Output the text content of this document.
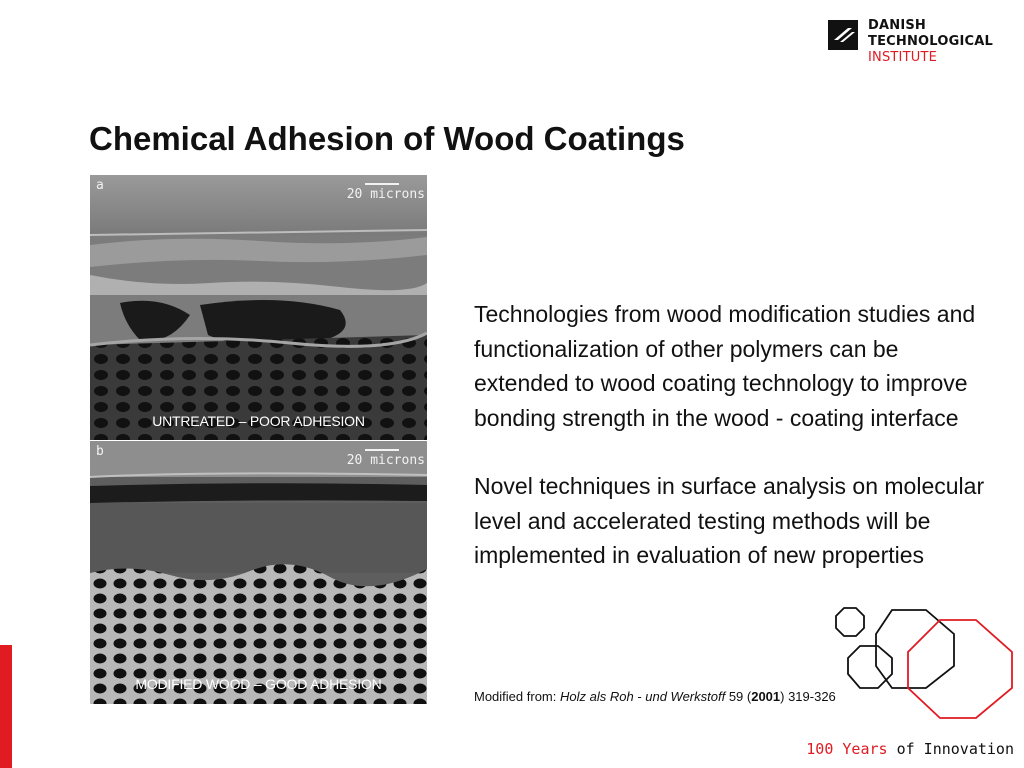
DANISH
TECHNOLOGICAL
INSTITUTE
Chemical Adhesion of Wood Coatings
a
20 microns
UNTREATED – POOR ADHESION
b
20 microns
MODIFIED WOOD – GOOD ADHESION

Technologies from wood modification studies and functionalization of other polymers can be extended to wood coating technology to improve bonding strength in the wood - coating interface

Novel techniques in surface analysis on molecular level and accelerated testing methods will be implemented in evaluation of new properties

Modified from: Holz als Roh - und Werkstoff 59 (2001) 319-326
100 Years of Innovation
